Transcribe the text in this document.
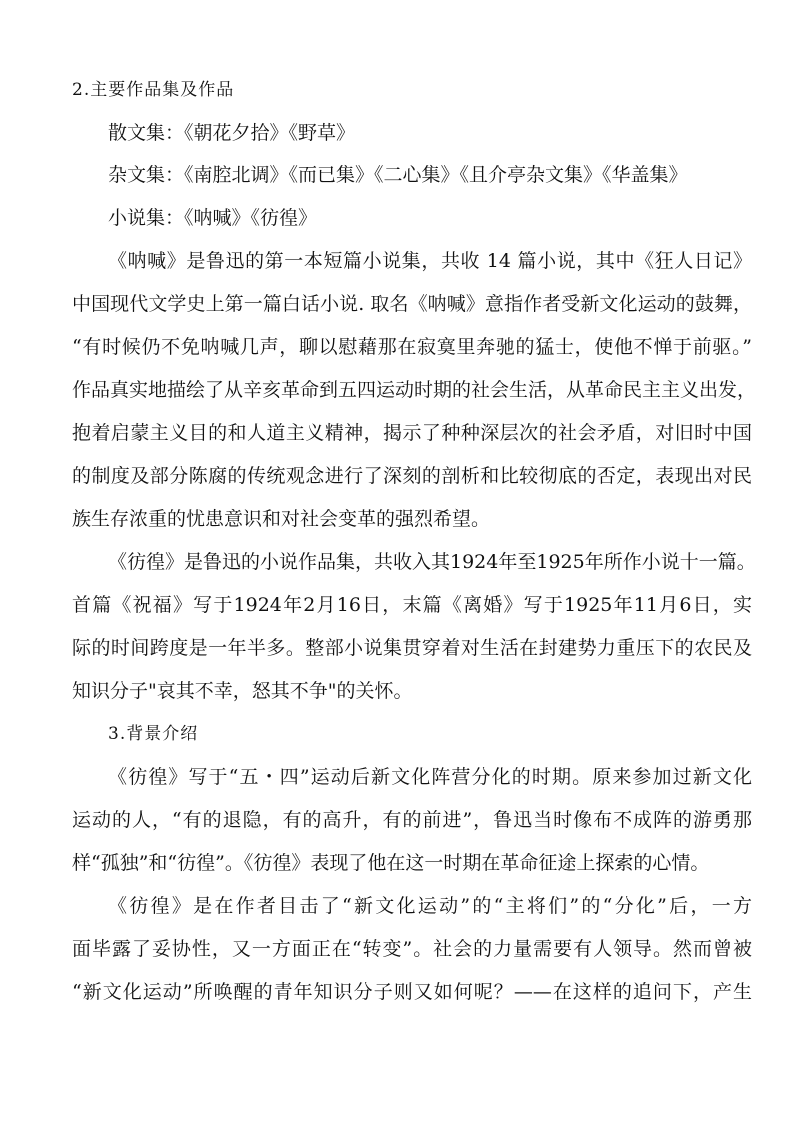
2.主要作品集及作品
散文集：《朝花夕拾》《野草》
杂文集：《南腔北调》《而已集》《二心集》《且介亭杂文集》《华盖集》
小说集：《呐喊》《彷徨》
《呐喊》是鲁迅的第一本短篇小说集，共收 14 篇小说，其中《狂人日记》
中国现代文学史上第一篇白话小说. 取名《呐喊》意指作者受新文化运动的鼓舞，
“有时候仍不免呐喊几声，聊以慰藉那在寂寞里奔驰的猛士，使他不惮于前驱。”
作品真实地描绘了从辛亥革命到五四运动时期的社会生活，从革命民主主义出发，
抱着启蒙主义目的和人道主义精神，揭示了种种深层次的社会矛盾，对旧时中国
的制度及部分陈腐的传统观念进行了深刻的剖析和比较彻底的否定，表现出对民
族生存浓重的忧患意识和对社会变革的强烈希望。
《彷徨》是鲁迅的小说作品集，共收入其1924年至1925年所作小说十一篇。
首篇《祝福》写于1924年2月16日，末篇《离婚》写于1925年11月6日，实
际的时间跨度是一年半多。整部小说集贯穿着对生活在封建势力重压下的农民及
知识分子"哀其不幸，怒其不争"的关怀。
3.背景介绍
《彷徨》写于“五・四”运动后新文化阵营分化的时期。原来参加过新文化
运动的人，“有的退隐，有的高升，有的前进”，鲁迅当时像布不成阵的游勇那
样“孤独”和“彷徨”。《彷徨》表现了他在这一时期在革命征途上探索的心情。
《彷徨》是在作者目击了“新文化运动”的“主将们”的“分化”后，一方
面毕露了妥协性，又一方面正在“转变”。社会的力量需要有人领导。然而曾被
“新文化运动”所唤醒的青年知识分子则又如何呢？——在这样的追问下，产生
